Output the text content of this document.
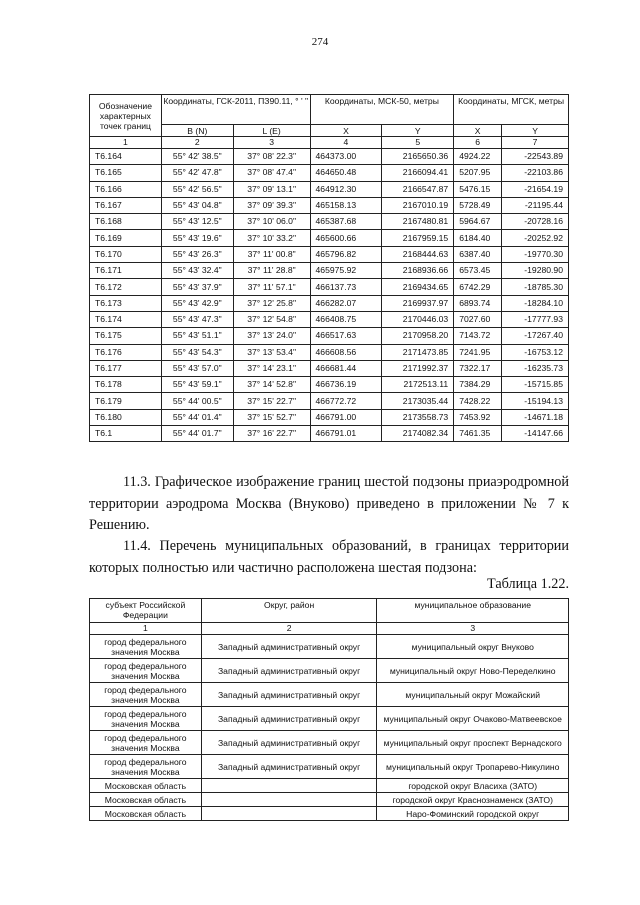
274
Обозначение характерных точек границ	Координаты, ГСК-2011, ПЗ90.11, ° ' "		Координаты, МСК-50, метры		Координаты, МГСК, метры	
	B (N)	L (E)	X	Y	X	Y
1	2	3	4	5	6	7
Т6.164	55° 42' 38.5"	37° 08' 22.3"	464373.00	2165650.36	4924.22	-22543.89
Т6.165	55° 42' 47.8"	37° 08' 47.4"	464650.48	2166094.41	5207.95	-22103.86
Т6.166	55° 42' 56.5"	37° 09' 13.1"	464912.30	2166547.87	5476.15	-21654.19
Т6.167	55° 43' 04.8"	37° 09' 39.3"	465158.13	2167010.19	5728.49	-21195.44
Т6.168	55° 43' 12.5"	37° 10' 06.0"	465387.68	2167480.81	5964.67	-20728.16
Т6.169	55° 43' 19.6"	37° 10' 33.2"	465600.66	2167959.15	6184.40	-20252.92
Т6.170	55° 43' 26.3"	37° 11' 00.8"	465796.82	2168444.63	6387.40	-19770.30
Т6.171	55° 43' 32.4"	37° 11' 28.8"	465975.92	2168936.66	6573.45	-19280.90
Т6.172	55° 43' 37.9"	37° 11' 57.1"	466137.73	2169434.65	6742.29	-18785.30
Т6.173	55° 43' 42.9"	37° 12' 25.8"	466282.07	2169937.97	6893.74	-18284.10
Т6.174	55° 43' 47.3"	37° 12' 54.8"	466408.75	2170446.03	7027.60	-17777.93
Т6.175	55° 43' 51.1"	37° 13' 24.0"	466517.63	2170958.20	7143.72	-17267.40
Т6.176	55° 43' 54.3"	37° 13' 53.4"	466608.56	2171473.85	7241.95	-16753.12
Т6.177	55° 43' 57.0"	37° 14' 23.1"	466681.44	2171992.37	7322.17	-16235.73
Т6.178	55° 43' 59.1"	37° 14' 52.8"	466736.19	2172513.11	7384.29	-15715.85
Т6.179	55° 44' 00.5"	37° 15' 22.7"	466772.72	2173035.44	7428.22	-15194.13
Т6.180	55° 44' 01.4"	37° 15' 52.7"	466791.00	2173558.73	7453.92	-14671.18
Т6.1	55° 44' 01.7"	37° 16' 22.7"	466791.01	2174082.34	7461.35	-14147.66

11.3. Графическое изображение границ шестой подзоны приаэродромной территории аэродрома Москва (Внуково) приведено в приложении № 7 к Решению.

11.4. Перечень муниципальных образований, в границах территории которых полностью или частично расположена шестая подзона:

Таблица 1.22.

субъект Российской Федерации	Округ, район	муниципальное образование
1	2	3
город федерального значения Москва	Западный административный округ	муниципальный округ Внуково
город федерального значения Москва	Западный административный округ	муниципальный округ Ново-Переделкино
город федерального значения Москва	Западный административный округ	муниципальный округ Можайский
город федерального значения Москва	Западный административный округ	муниципальный округ Очаково-Матвеевское
город федерального значения Москва	Западный административный округ	муниципальный округ проспект Вернадского
город федерального значения Москва	Западный административный округ	муниципальный округ Тропарево-Никулино
Московская область		городской округ Власиха (ЗАТО)
Московская область		городской округ Краснознаменск (ЗАТО)
Московская область		Наро-Фоминский городской округ
